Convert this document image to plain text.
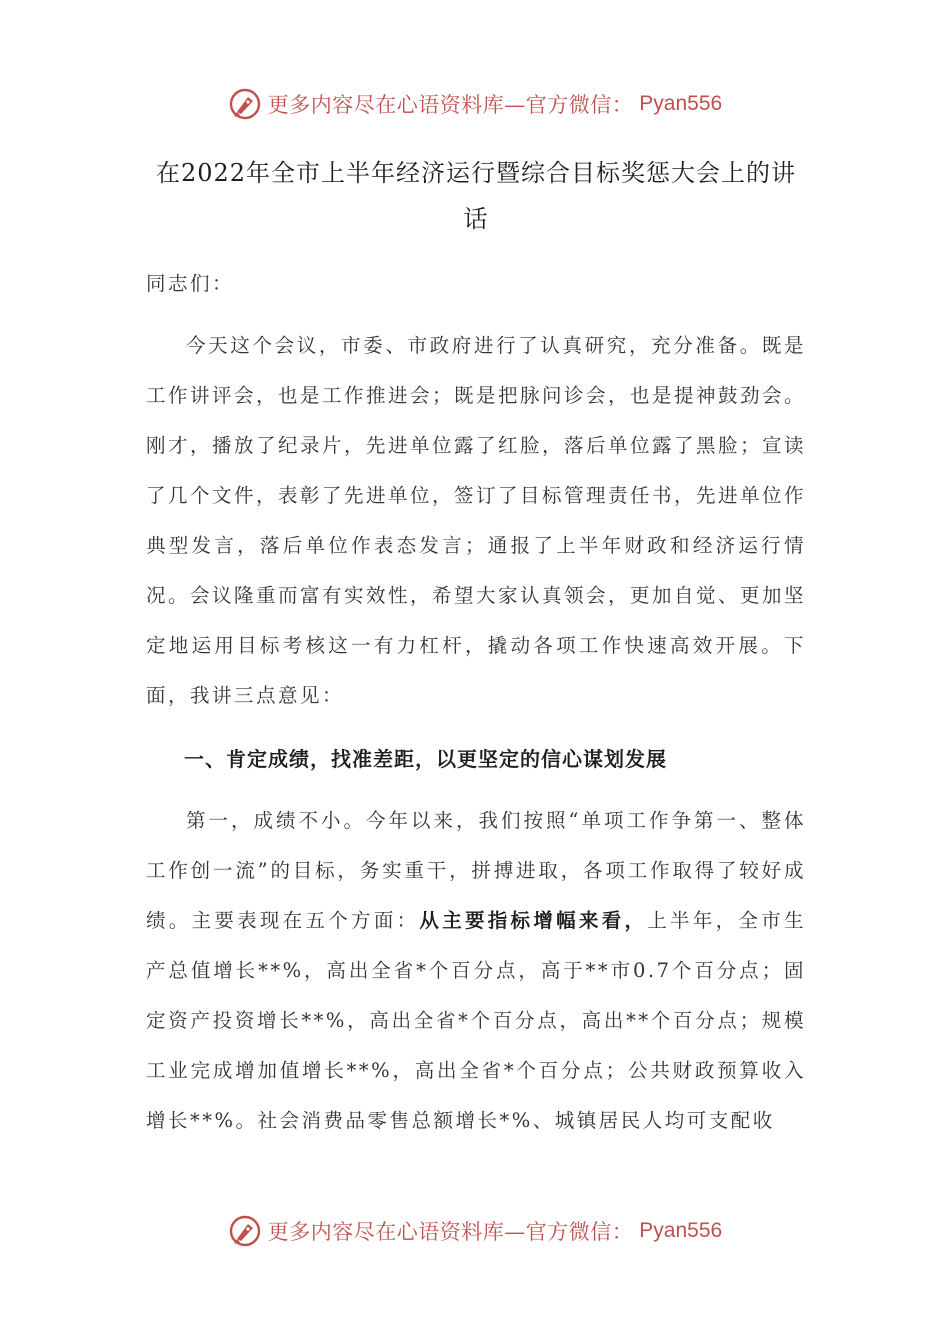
更多内容尽在心语资料库—官方微信： Pyan556
在2022年全市上半年经济运行暨综合目标奖惩大会上的讲话
同志们：
今天这个会议，市委、市政府进行了认真研究，充分准备。既是工作讲评会，也是工作推进会；既是把脉问诊会，也是提神鼓劲会。刚才，播放了纪录片，先进单位露了红脸，落后单位露了黑脸；宣读了几个文件，表彰了先进单位，签订了目标管理责任书，先进单位作典型发言，落后单位作表态发言；通报了上半年财政和经济运行情况。会议隆重而富有实效性，希望大家认真领会，更加自觉、更加坚定地运用目标考核这一有力杠杆，撬动各项工作快速高效开展。下面，我讲三点意见：
一、肯定成绩，找准差距，以更坚定的信心谋划发展
第一，成绩不小。今年以来，我们按照“单项工作争第一、整体工作创一流”的目标，务实重干，拼搏进取，各项工作取得了较好成绩。主要表现在五个方面：从主要指标增幅来看，上半年，全市生产总值增长**%，高出全省*个百分点，高于**市0.7个百分点；固定资产投资增长**%，高出全省*个百分点，高出**个百分点；规模工业完成增加值增长**%，高出全省*个百分点；公共财政预算收入增长**%。社会消费品零售总额增长*%、城镇居民人均可支配收
更多内容尽在心语资料库—官方微信： Pyan556
